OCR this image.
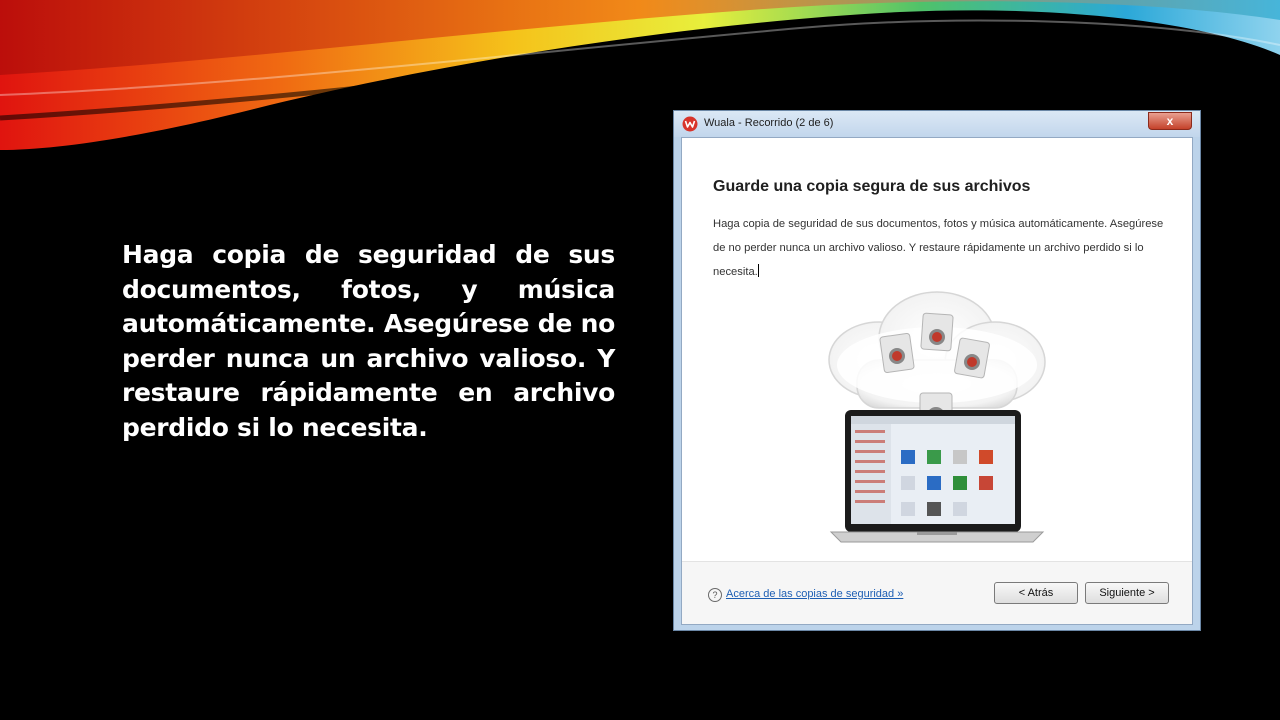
Haga copia de seguridad de sus documentos, fotos, y música automáticamente. Asegúrese de no perder nunca un archivo valioso. Y restaure rápidamente en archivo perdido si lo necesita.
Wuala - Recorrido (2 de 6)	x
Guarde una copia segura de sus archivos
Haga copia de seguridad de sus documentos, fotos y música automáticamente. Asegúrese de no perder nunca un archivo valioso. Y restaure rápidamente un archivo perdido si lo necesita.
? Acerca de las copias de seguridad »	< Atrás	Siguiente >
